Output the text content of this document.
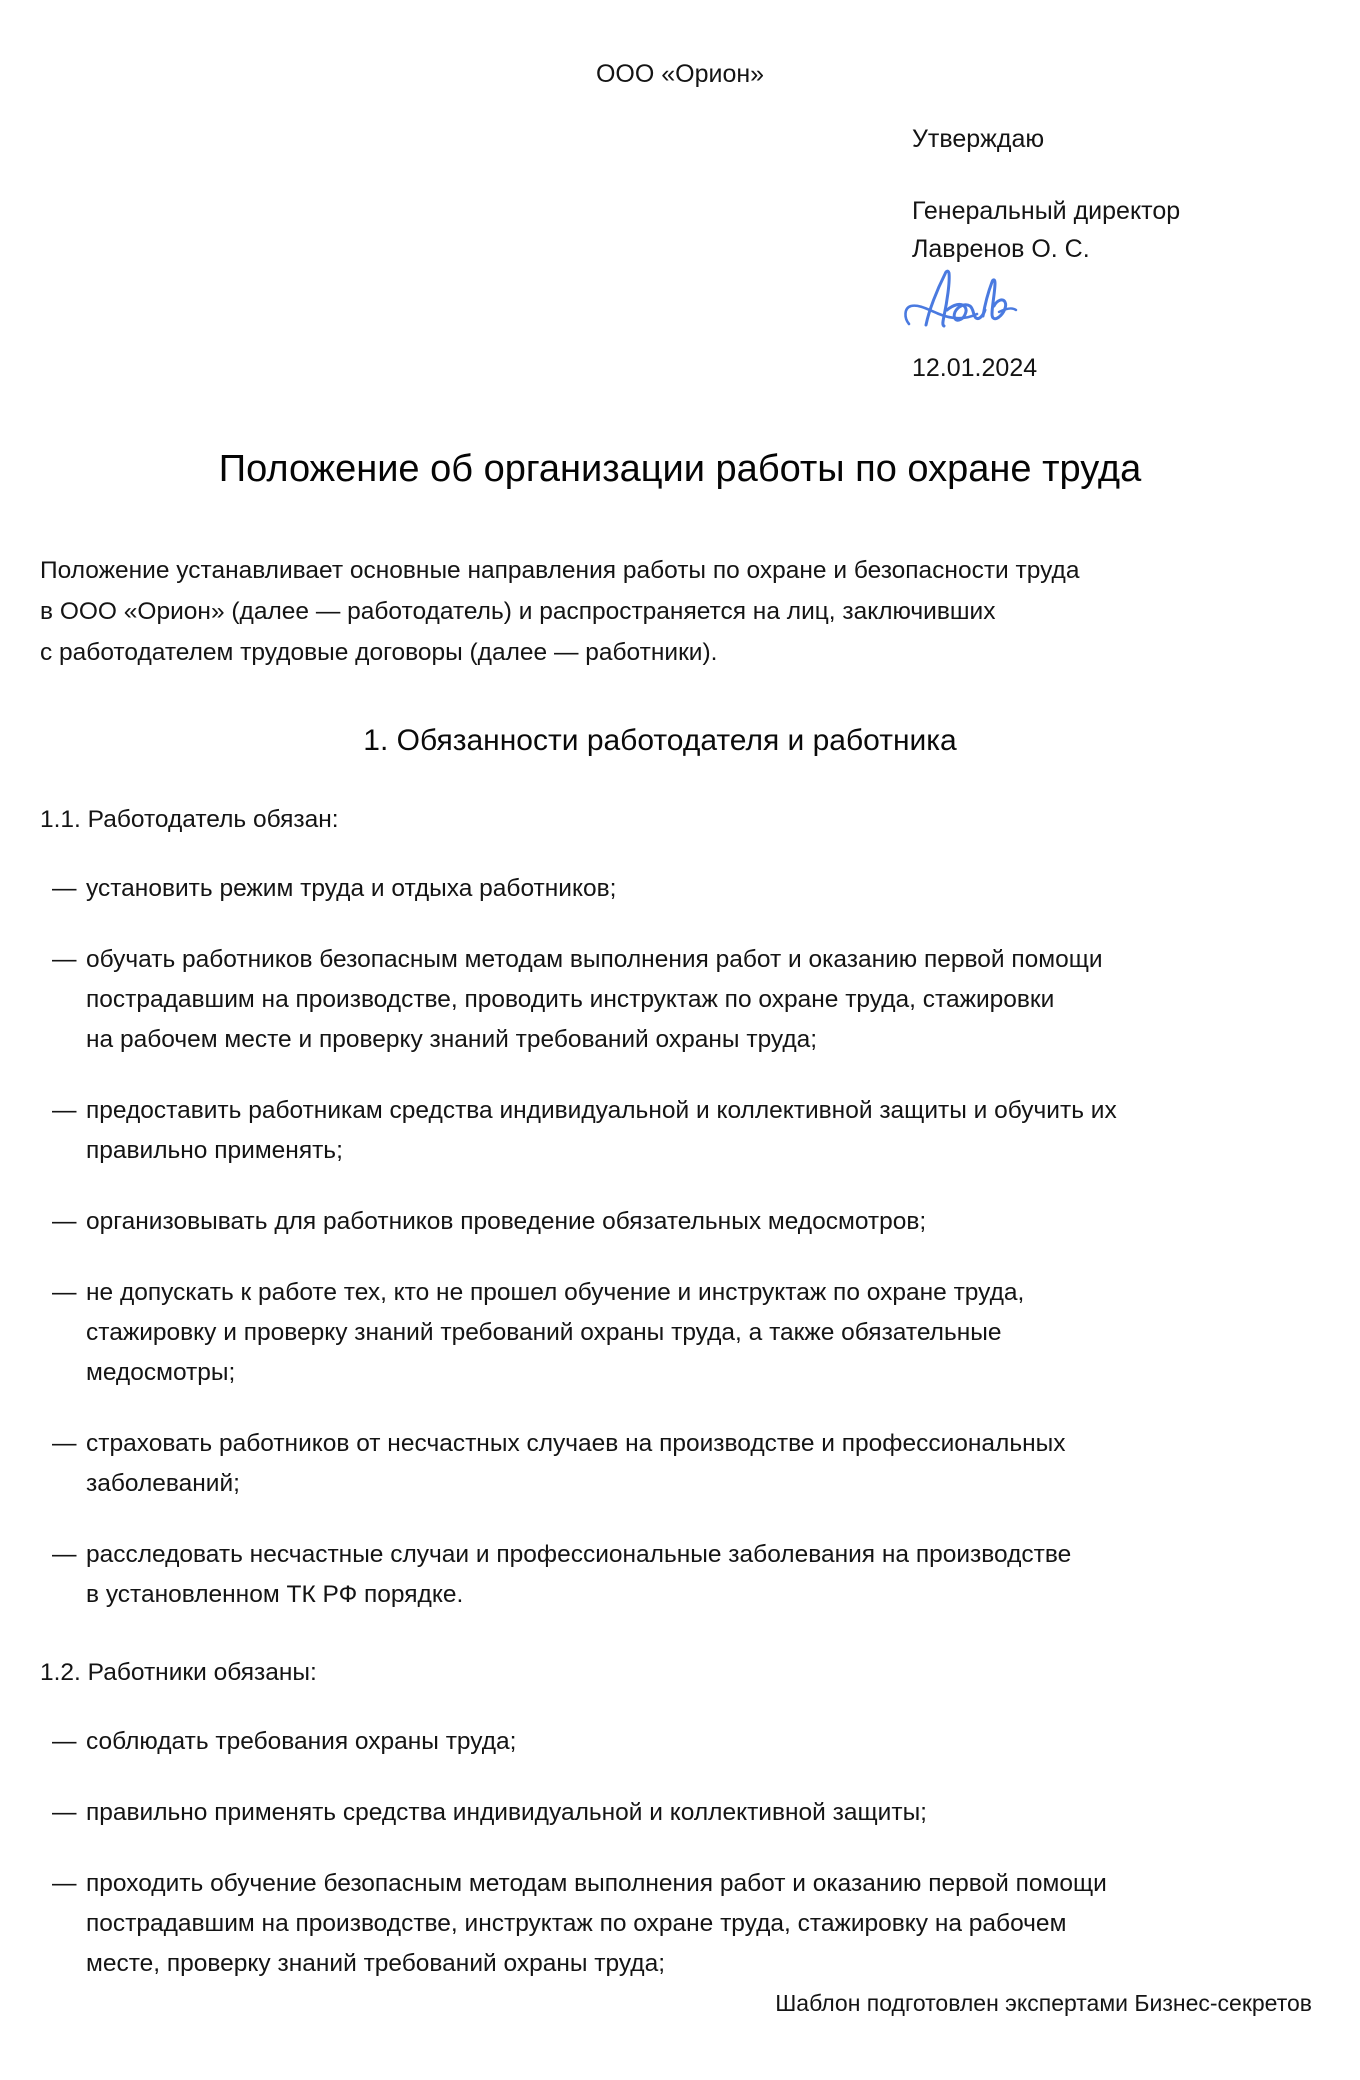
ООО «Орион»
Утверждаю
Генеральный директор
Лавренов О. С.
12.01.2024
Положение об организации работы по охране труда

Положение устанавливает основные направления работы по охране и безопасности труда
в ООО «Орион» (далее — работодатель) и распространяется на лиц, заключивших
с работодателем трудовые договоры (далее — работники).

1. Обязанности работодателя и работника

1.1. Работодатель обязан:

— установить режим труда и отдыха работников;
— обучать работников безопасным методам выполнения работ и оказанию первой помощи
пострадавшим на производстве, проводить инструктаж по охране труда, стажировки
на рабочем месте и проверку знаний требований охраны труда;
— предоставить работникам средства индивидуальной и коллективной защиты и обучить их
правильно применять;
— организовывать для работников проведение обязательных медосмотров;
— не допускать к работе тех, кто не прошел обучение и инструктаж по охране труда,
стажировку и проверку знаний требований охраны труда, а также обязательные
медосмотры;
— страховать работников от несчастных случаев на производстве и профессиональных
заболеваний;
— расследовать несчастные случаи и профессиональные заболевания на производстве
в установленном ТК РФ порядке.

1.2. Работники обязаны:

— соблюдать требования охраны труда;
— правильно применять средства индивидуальной и коллективной защиты;
— проходить обучение безопасным методам выполнения работ и оказанию первой помощи
пострадавшим на производстве, инструктаж по охране труда, стажировку на рабочем
месте, проверку знаний требований охраны труда;
Шаблон подготовлен экспертами Бизнес-секретов
